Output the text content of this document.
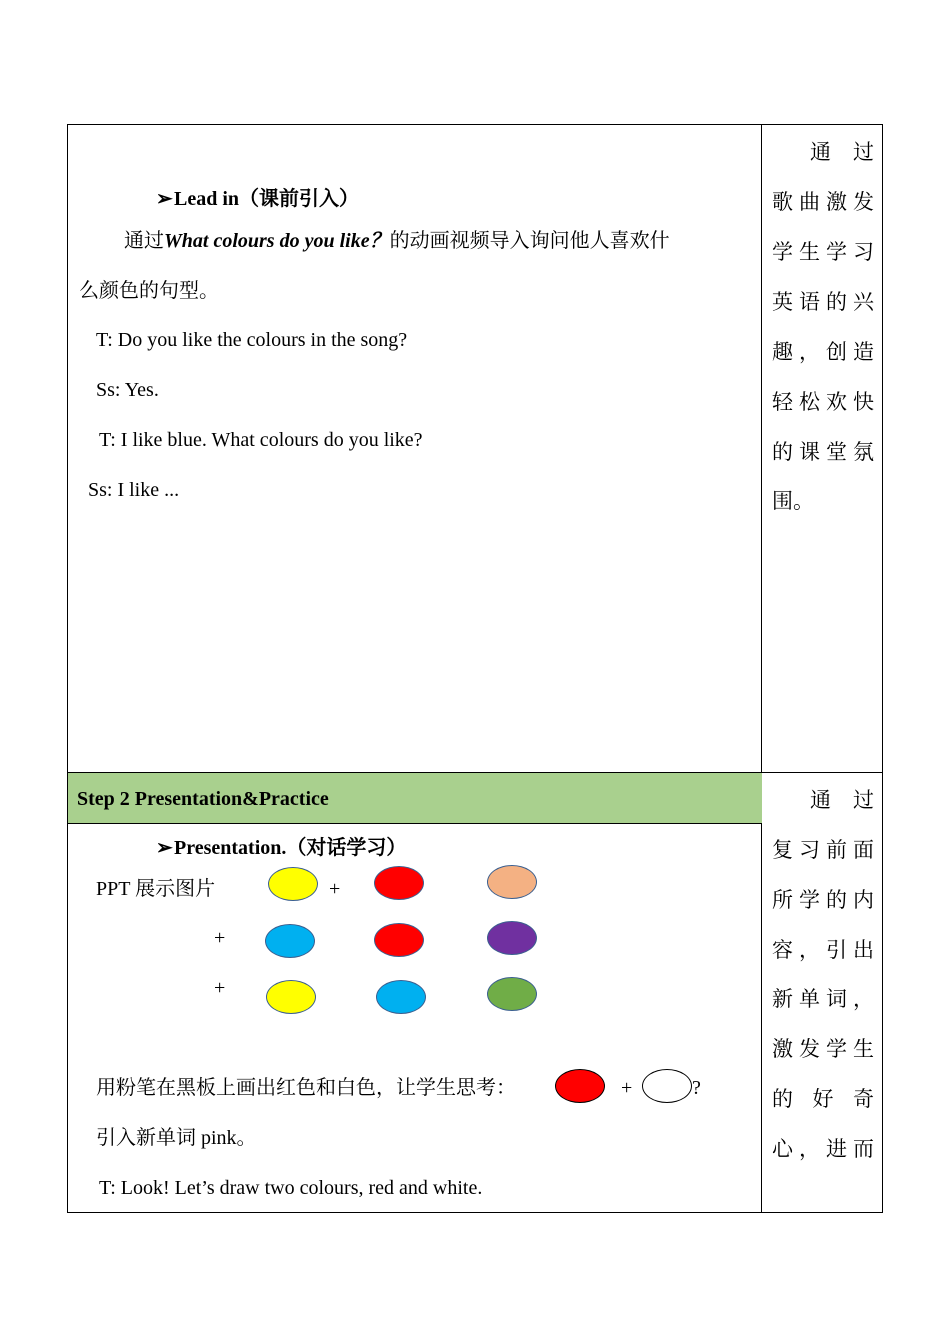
➢Lead in（课前引入）
通过What colours do you like？的动画视频导入询问他人喜欢什
么颜色的句型。
T: Do you like the colours in the song?
Ss: Yes.
T: I like blue. What colours do you like?
Ss: I like ...
通 过
歌 曲 激 发
学 生 学 习
英 语 的 兴
趣 ， 创 造
轻 松 欢 快
的 课 堂 氛
围 。
Step 2 Presentation&Practice
➢Presentation.（对话学习）
PPT 展示图片	+
+
+
用粉笔在黑板上画出红色和白色，让学生思考：	+	?
引入新单词 pink。
T: Look! Let’s draw two colours, red and white.
通 过
复 习 前 面
所 学 的 内
容 ， 引 出
新 单 词 ，
激 发 学 生
的 好 奇
心 ， 进 而
